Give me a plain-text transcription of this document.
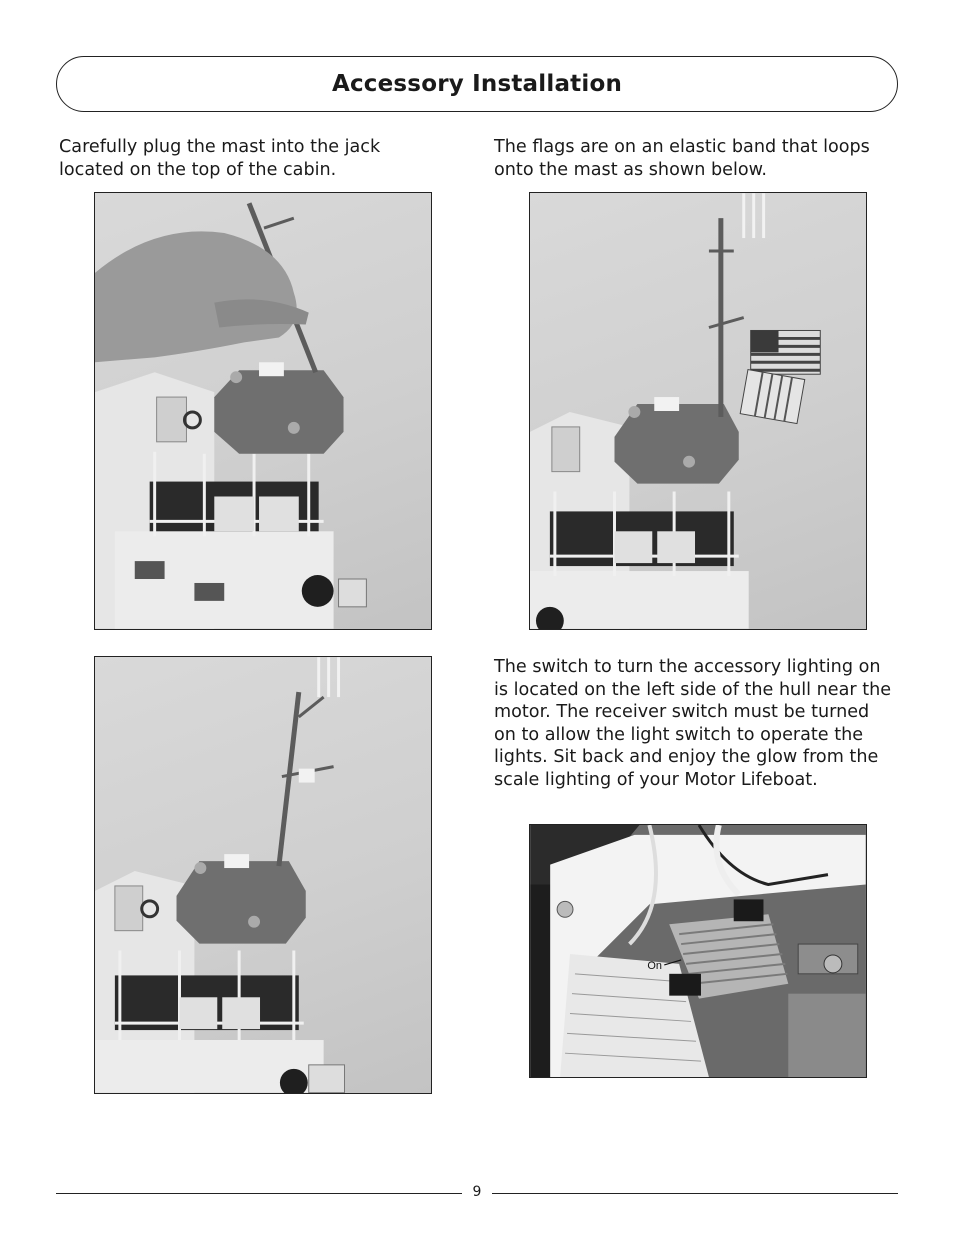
Accessory Installation

Carefully plug the mast into the jack located on the top of the cabin.

The flags are on an elastic band that loops onto the mast as shown below.

The switch to turn the accessory lighting on is located on the left side of the hull near the motor. The receiver switch must be turned on to allow the light switch to operate the lights. Sit back and enjoy the glow from the scale lighting of your Motor Lifeboat.

On
9
